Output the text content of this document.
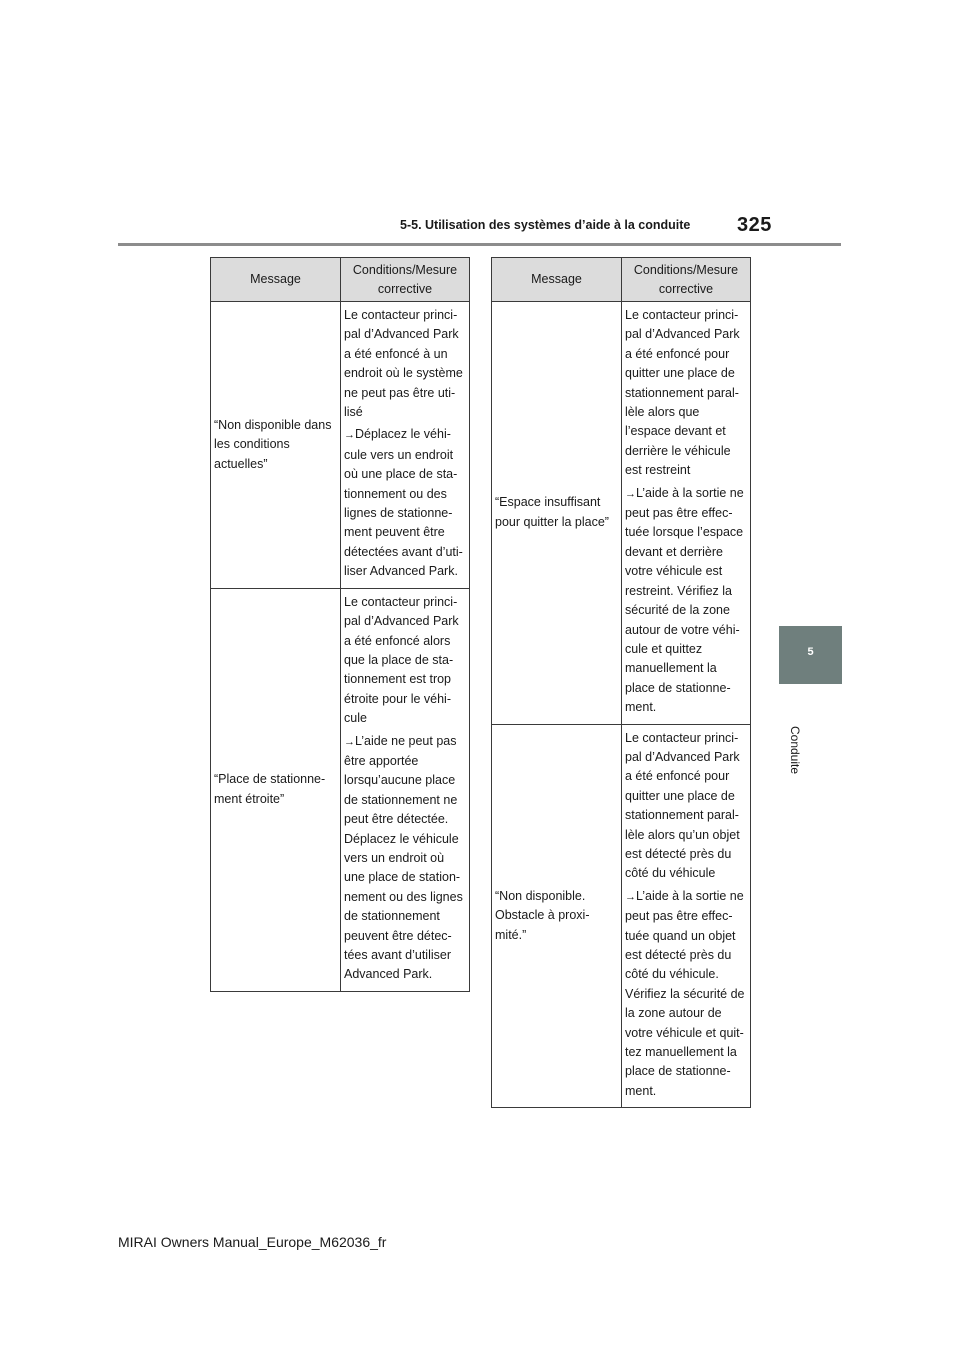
5-5. Utilisation des systèmes d’aide à la conduite 325
5
Conduite
Message	Conditions/Mesure corrective
“Non disponible dans les conditions actuelles”	Le contacteur princi-pal d’Advanced Park a été enfoncé à un endroit où le système ne peut pas être uti-lisé

→Déplacez le véhi-cule vers un endroit où une place de sta-tionnement ou des lignes de stationne-ment peuvent être détectées avant d’uti-liser Advanced Park.

“Place de stationne-ment étroite”	Le contacteur princi-pal d’Advanced Park a été enfoncé alors que la place de sta-tionnement est trop étroite pour le véhi-cule

→L’aide ne peut pas être apportée lorsqu’aucune place de stationnement ne peut être détectée. Déplacez le véhicule vers un endroit où une place de station-nement ou des lignes de stationnement peuvent être détec-tées avant d’utiliser Advanced Park.

Message	Conditions/Mesure corrective
“Espace insuffisant pour quitter la place”	Le contacteur princi-pal d’Advanced Park a été enfoncé pour quitter une place de stationnement paral-lèle alors que l’espace devant et derrière le véhicule est restreint

→L’aide à la sortie ne peut pas être effec-tuée lorsque l’espace devant et derrière votre véhicule est restreint. Vérifiez la sécurité de la zone autour de votre véhi-cule et quittez manuellement la place de stationne-ment.

“Non disponible. Obstacle à proxi-mité.”	Le contacteur princi-pal d’Advanced Park a été enfoncé pour quitter une place de stationnement paral-lèle alors qu’un objet est détecté près du côté du véhicule

→L’aide à la sortie ne peut pas être effec-tuée quand un objet est détecté près du côté du véhicule. Vérifiez la sécurité de la zone autour de votre véhicule et quit-tez manuellement la place de stationne-ment.

MIRAI Owners Manual_Europe_M62036_fr
